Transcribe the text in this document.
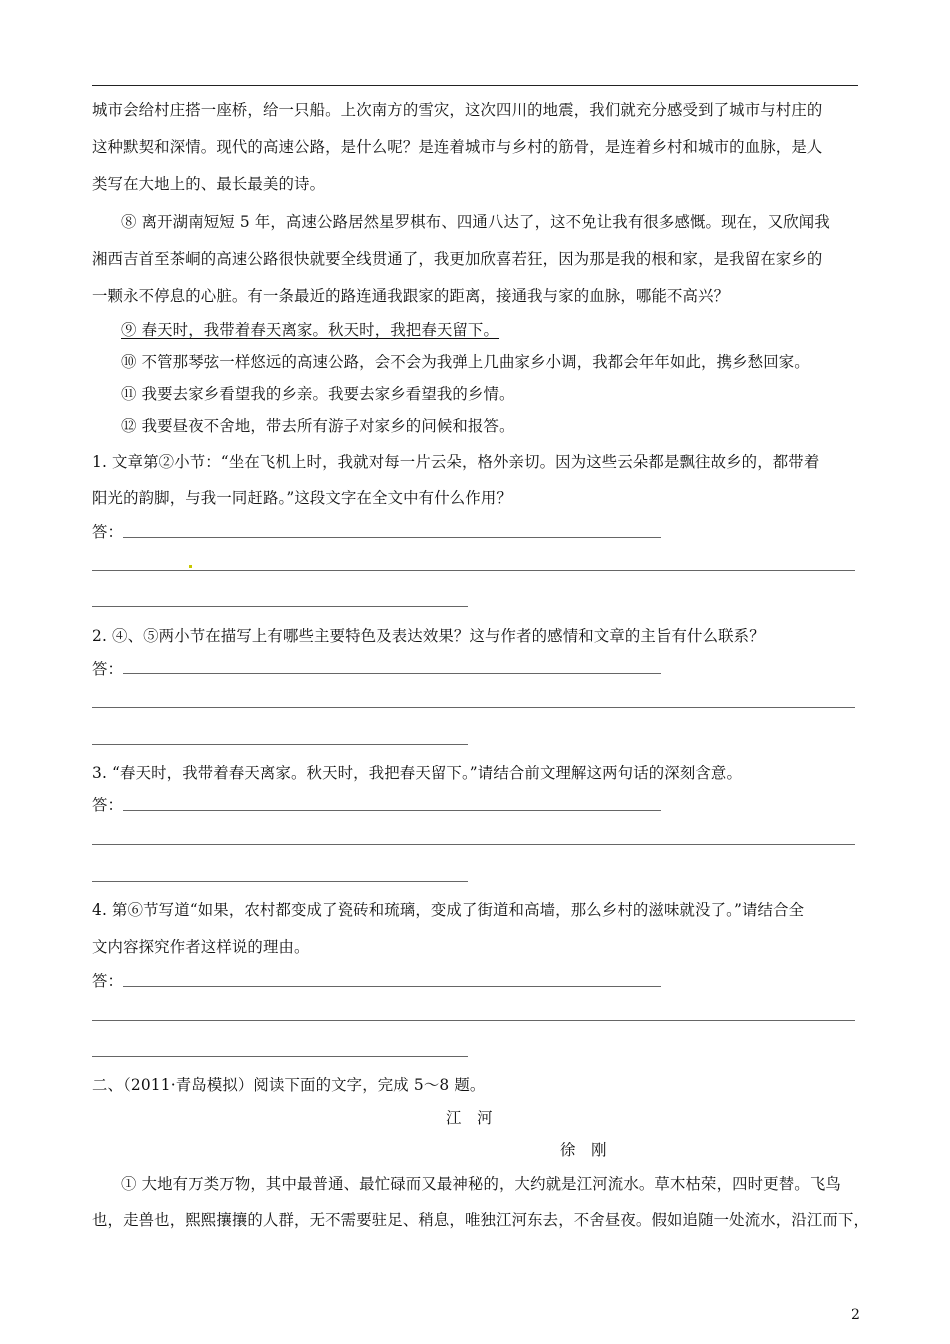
城市会给村庄搭一座桥，给一只船。上次南方的雪灾，这次四川的地震，我们就充分感受到了城市与村庄的
这种默契和深情。现代的高速公路，是什么呢？是连着城市与乡村的筋骨，是连着乡村和城市的血脉，是人
类写在大地上的、最长最美的诗。
⑧ 离开湖南短短 5 年，高速公路居然星罗棋布、四通八达了，这不免让我有很多感慨。现在，又欣闻我
湘西吉首至茶峒的高速公路很快就要全线贯通了，我更加欣喜若狂，因为那是我的根和家，是我留在家乡的
一颗永不停息的心脏。有一条最近的路连通我跟家的距离，接通我与家的血脉，哪能不高兴？
⑨ 春天时，我带着春天离家。秋天时，我把春天留下。
⑩ 不管那琴弦一样悠远的高速公路，会不会为我弹上几曲家乡小调，我都会年年如此，携乡愁回家。
⑪ 我要去家乡看望我的乡亲。我要去家乡看望我的乡情。
⑫ 我要昼夜不舍地，带去所有游子对家乡的问候和报答。
1. 文章第②小节：“坐在飞机上时，我就对每一片云朵，格外亲切。因为这些云朵都是飘往故乡的，都带着
阳光的韵脚，与我一同赶路。”这段文字在全文中有什么作用？
答：
2. ④、⑤两小节在描写上有哪些主要特色及表达效果？这与作者的感情和文章的主旨有什么联系？
答：
3. “春天时，我带着春天离家。秋天时，我把春天留下。”请结合前文理解这两句话的深刻含意。
答：
4. 第⑥节写道“如果，农村都变成了瓷砖和琉璃，变成了街道和高墙，那么乡村的滋味就没了。”请结合全
文内容探究作者这样说的理由。
答：
二、（2011·青岛模拟）阅读下面的文字，完成 5～8 题。
江　河
徐　刚
① 大地有万类万物，其中最普通、最忙碌而又最神秘的，大约就是江河流水。草木枯荣，四时更替。飞鸟
也，走兽也，熙熙攘攘的人群，无不需要驻足、稍息，唯独江河东去，不舍昼夜。假如追随一处流水，沿江而下，
2
